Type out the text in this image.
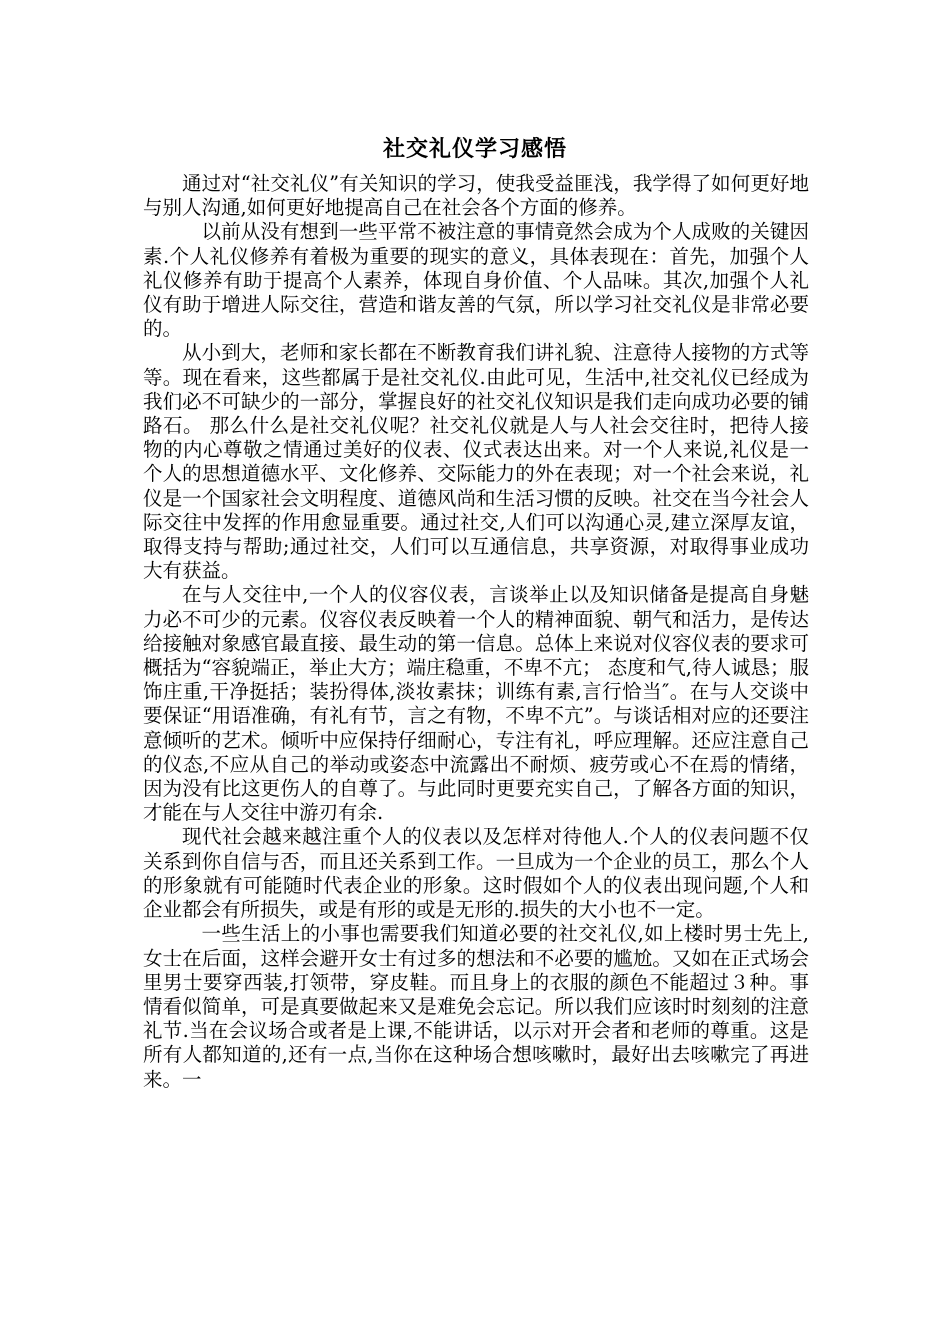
社交礼仪学习感悟

通过对“社交礼仪”有关知识的学习，使我受益匪浅，我学得了如何更好地与别人沟通,如何更好地提高自己在社会各个方面的修养。

以前从没有想到一些平常不被注意的事情竟然会成为个人成败的关键因素.个人礼仪修养有着极为重要的现实的意义，具体表现在：首先，加强个人礼仪修养有助于提高个人素养，体现自身价值、个人品味。其次,加强个人礼仪有助于增进人际交往，营造和谐友善的气氛，所以学习社交礼仪是非常必要的。

从小到大，老师和家长都在不断教育我们讲礼貌、注意待人接物的方式等等。现在看来，这些都属于是社交礼仪.由此可见，生活中,社交礼仪已经成为我们必不可缺少的一部分，掌握良好的社交礼仪知识是我们走向成功必要的铺路石。 那么什么是社交礼仪呢？社交礼仪就是人与人社会交往时，把待人接物的内心尊敬之情通过美好的仪表、仪式表达出来。对一个人来说,礼仪是一个人的思想道德水平、文化修养、交际能力的外在表现；对一个社会来说，礼仪是一个国家社会文明程度、道德风尚和生活习惯的反映。社交在当今社会人际交往中发挥的作用愈显重要。通过社交,人们可以沟通心灵,建立深厚友谊，取得支持与帮助;通过社交，人们可以互通信息，共享资源，对取得事业成功大有获益。

在与人交往中,一个人的仪容仪表，言谈举止以及知识储备是提高自身魅力必不可少的元素。仪容仪表反映着一个人的精神面貌、朝气和活力，是传达给接触对象感官最直接、最生动的第一信息。总体上来说对仪容仪表的要求可概括为“容貌端正，举止大方；端庄稳重，不卑不亢； 态度和气,待人诚恳；服饰庄重,干净挺括；装扮得体,淡妆素抹；训练有素,言行恰当″。在与人交谈中要保证“用语准确，有礼有节，言之有物，不卑不亢”。与谈话相对应的还要注意倾听的艺术。倾听中应保持仔细耐心，专注有礼，呼应理解。还应注意自己的仪态,不应从自己的举动或姿态中流露出不耐烦、疲劳或心不在焉的情绪，因为没有比这更伤人的自尊了。与此同时更要充实自己，了解各方面的知识，才能在与人交往中游刃有余.

现代社会越来越注重个人的仪表以及怎样对待他人.个人的仪表问题不仅关系到你自信与否，而且还关系到工作。一旦成为一个企业的员工，那么个人的形象就有可能随时代表企业的形象。这时假如个人的仪表出现问题,个人和企业都会有所损失，或是有形的或是无形的.损失的大小也不一定。

一些生活上的小事也需要我们知道必要的社交礼仪,如上楼时男士先上,女士在后面，这样会避开女士有过多的想法和不必要的尴尬。又如在正式场会里男士要穿西装,打领带，穿皮鞋。而且身上的衣服的颜色不能超过３种。事情看似简单，可是真要做起来又是难免会忘记。所以我们应该时时刻刻的注意礼节.当在会议场合或者是上课,不能讲话，以示对开会者和老师的尊重。这是所有人都知道的,还有一点,当你在这种场合想咳嗽时，最好出去咳嗽完了再进来。一
